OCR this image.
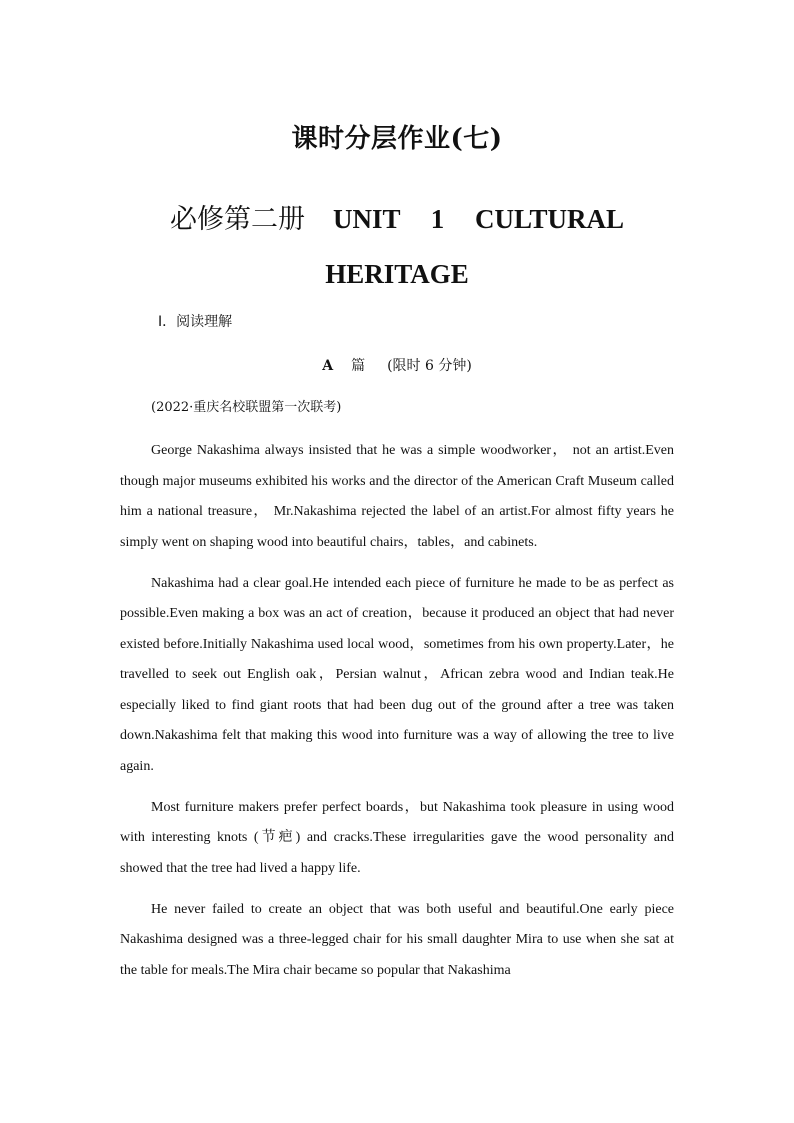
课时分层作业(七)
必修第二册 UNIT 1 CULTURAL HERITAGE
Ⅰ．阅读理解
A 篇 (限时 6 分钟)
(2022·重庆名校联盟第一次联考)

George Nakashima always insisted that he was a simple woodworker， not an artist.Even though major museums exhibited his works and the director of the American Craft Museum called him a national treasure， Mr.Nakashima rejected the label of an artist.For almost fifty years he simply went on shaping wood into beautiful chairs，tables，and cabinets.

Nakashima had a clear goal.He intended each piece of furniture he made to be as perfect as possible.Even making a box was an act of creation，because it produced an object that had never existed before.Initially Nakashima used local wood，sometimes from his own property.Later，he travelled to seek out English oak，Persian walnut，African zebra wood and Indian teak.He especially liked to find giant roots that had been dug out of the ground after a tree was taken down.Nakashima felt that making this wood into furniture was a way of allowing the tree to live again.

Most furniture makers prefer perfect boards，but Nakashima took pleasure in using wood with interesting knots (节疤) and cracks.These irregularities gave the wood personality and showed that the tree had lived a happy life.

He never failed to create an object that was both useful and beautiful.One early piece Nakashima designed was a three-legged chair for his small daughter Mira to use when she sat at the table for meals.The Mira chair became so popular that Nakashima
